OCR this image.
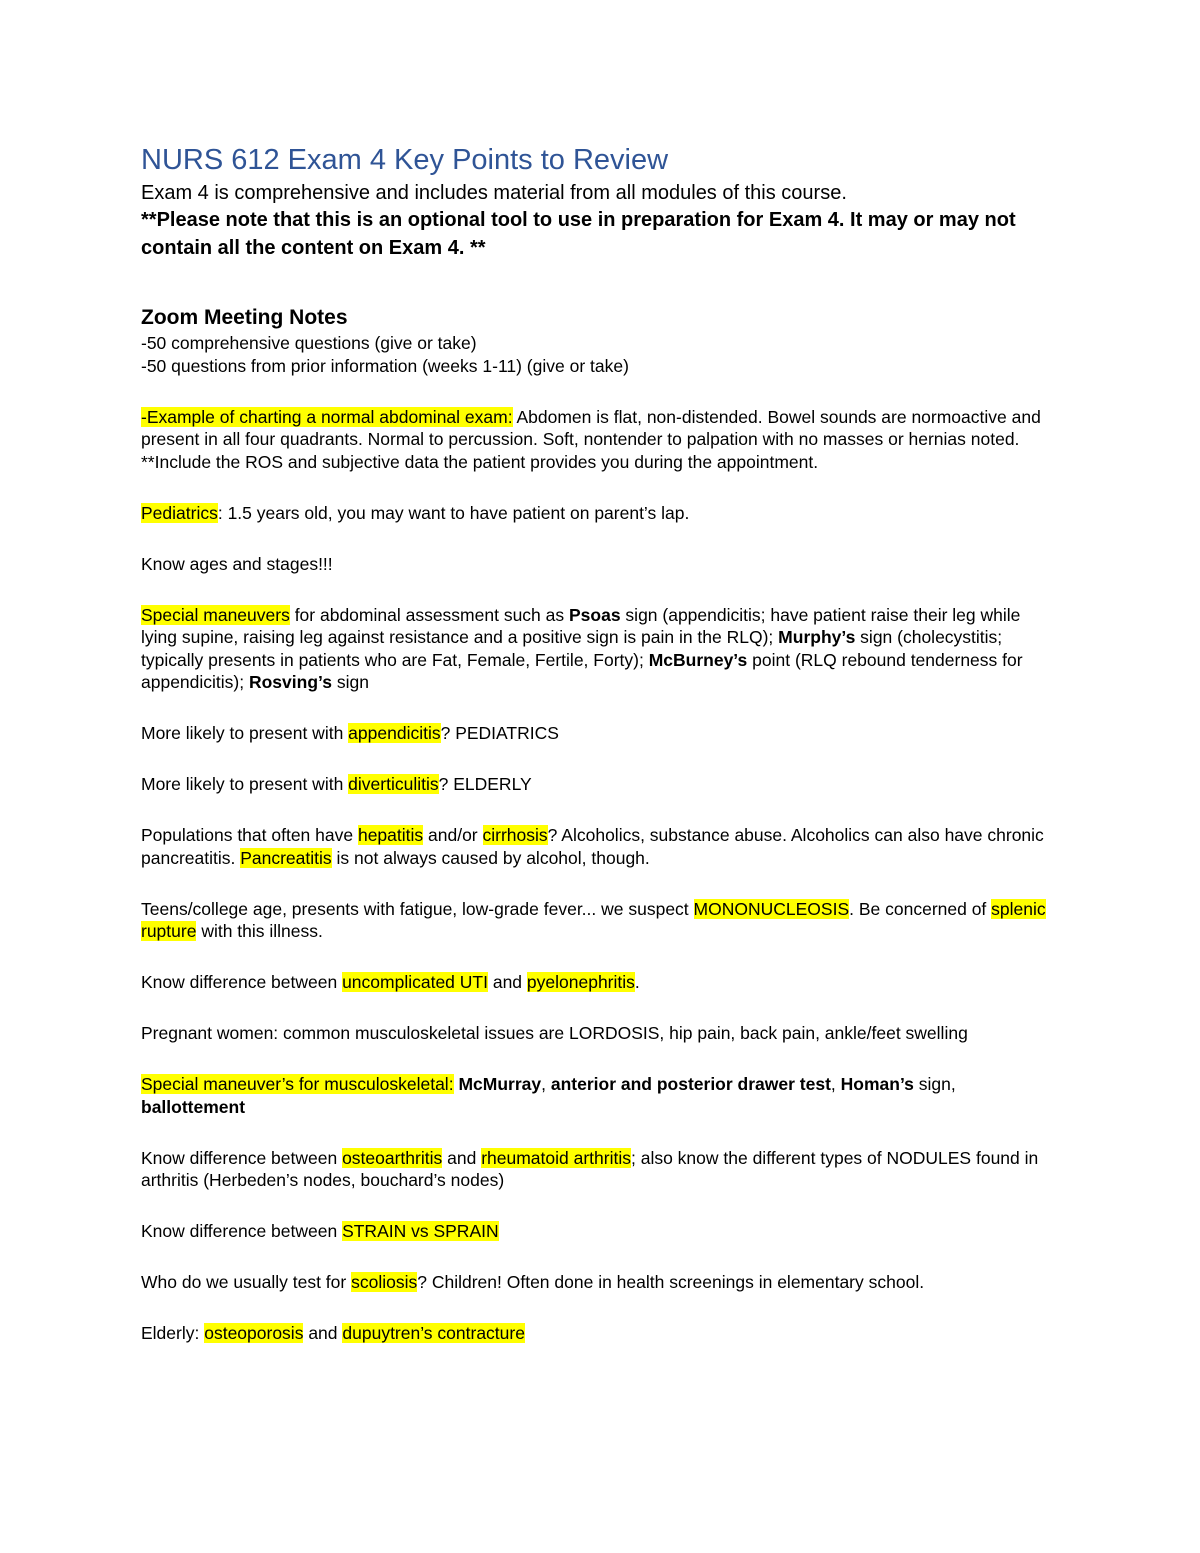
NURS 612 Exam 4 Key Points to Review

Exam 4 is comprehensive and includes material from all modules of this course.

**Please note that this is an optional tool to use in preparation for Exam 4. It may or may not contain all the content on Exam 4. **

Zoom Meeting Notes

-50 comprehensive questions (give or take)

-50 questions from prior information (weeks 1-11) (give or take)

-Example of charting a normal abdominal exam: Abdomen is flat, non-distended. Bowel sounds are normoactive and present in all four quadrants. Normal to percussion. Soft, nontender to palpation with no masses or hernias noted. **Include the ROS and subjective data the patient provides you during the appointment.

Pediatrics: 1.5 years old, you may want to have patient on parent’s lap.

Know ages and stages!!!

Special maneuvers for abdominal assessment such as Psoas sign (appendicitis; have patient raise their leg while lying supine, raising leg against resistance and a positive sign is pain in the RLQ); Murphy’s sign (cholecystitis; typically presents in patients who are Fat, Female, Fertile, Forty); McBurney’s point (RLQ rebound tenderness for appendicitis); Rosving’s sign

More likely to present with appendicitis? PEDIATRICS

More likely to present with diverticulitis? ELDERLY

Populations that often have hepatitis and/or cirrhosis? Alcoholics, substance abuse. Alcoholics can also have chronic pancreatitis. Pancreatitis is not always caused by alcohol, though.

Teens/college age, presents with fatigue, low-grade fever... we suspect MONONUCLEOSIS. Be concerned of splenic rupture with this illness.

Know difference between uncomplicated UTI and pyelonephritis.

Pregnant women: common musculoskeletal issues are LORDOSIS, hip pain, back pain, ankle/feet swelling

Special maneuver’s for musculoskeletal: McMurray, anterior and posterior drawer test, Homan’s sign, ballottement

Know difference between osteoarthritis and rheumatoid arthritis; also know the different types of NODULES found in arthritis (Herbeden’s nodes, bouchard’s nodes)

Know difference between STRAIN vs SPRAIN

Who do we usually test for scoliosis? Children! Often done in health screenings in elementary school.

Elderly: osteoporosis and dupuytren’s contracture
